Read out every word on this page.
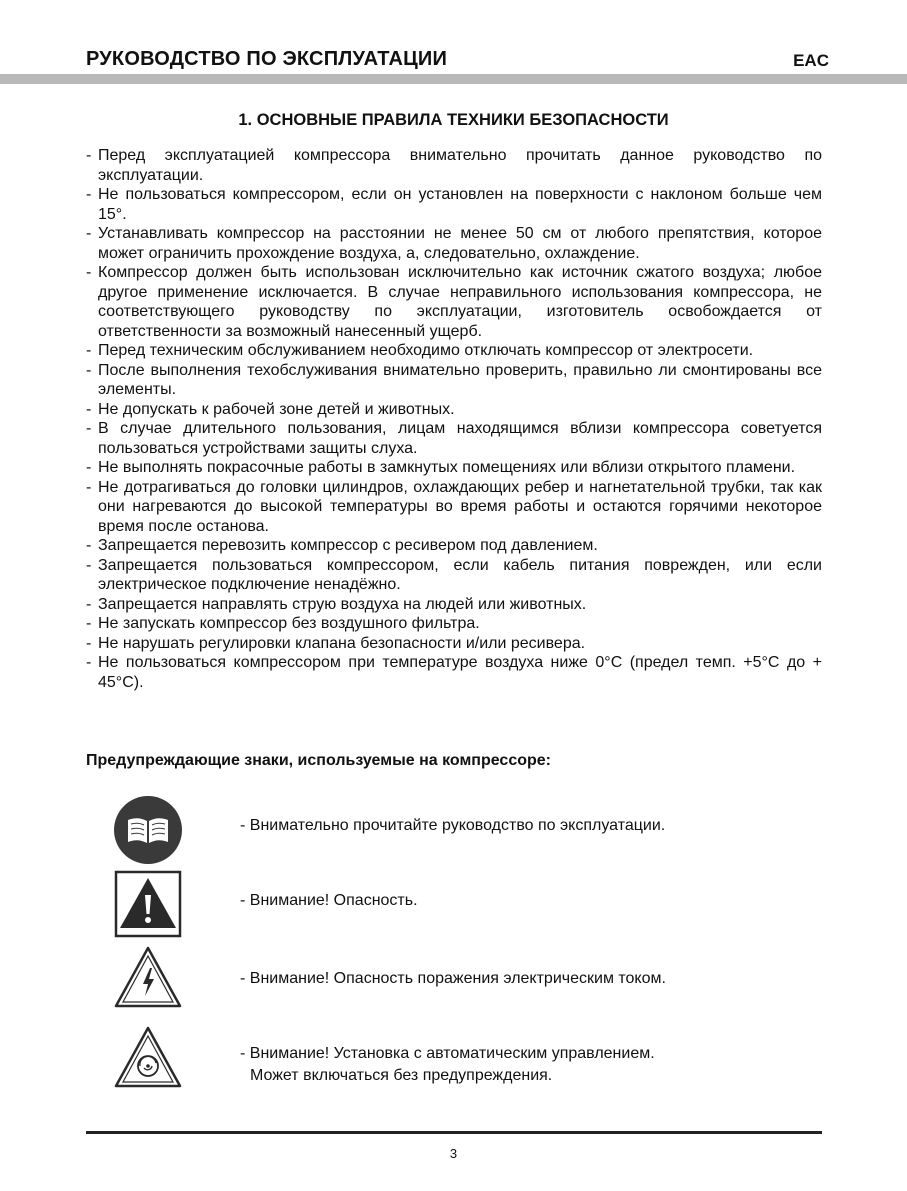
РУКОВОДСТВО ПО ЭКСПЛУАТАЦИИ	EAC
1. ОСНОВНЫЕ ПРАВИЛА ТЕХНИКИ БЕЗОПАСНОСТИ
- Перед эксплуатацией компрессора внимательно прочитать данное руководство по эксплуатации.
- Не пользоваться компрессором, если он установлен на поверхности с наклоном больше чем 15°.
- Устанавливать компрессор на расстоянии не менее 50 см от любого препятствия, которое может ограничить прохождение воздуха, а, следовательно, охлаждение.
- Компрессор должен быть использован исключительно как источник сжатого воздуха; любое другое применение исключается. В случае неправильного использования компрессора, не соответствующего руководству по эксплуатации, изготовитель освобождается от ответственности за возможный нанесенный ущерб.
- Перед техническим обслуживанием необходимо отключать компрессор от электросети.
- После выполнения техобслуживания внимательно проверить, правильно ли смонтированы все элементы.
- Не допускать к рабочей зоне детей и животных.
- В случае длительного пользования, лицам находящимся вблизи компрессора советуется пользоваться устройствами защиты слуха.
- Не выполнять покрасочные работы в замкнутых помещениях или вблизи открытого пламени.
- Не дотрагиваться до головки цилиндров, охлаждающих ребер и нагнетательной трубки, так как они нагреваются до высокой температуры во время работы и остаются горячими некоторое время после останова.
- Запрещается перевозить компрессор с ресивером под давлением.
- Запрещается пользоваться компрессором, если кабель питания поврежден, или если электрическое подключение ненадёжно.
- Запрещается направлять струю воздуха на людей или животных.
- Не запускать компрессор без воздушного фильтра.
- Не нарушать регулировки клапана безопасности и/или ресивера.
- Не пользоваться компрессором при температуре воздуха ниже 0°С (предел темп. +5°С до + 45°С).
Предупреждающие знаки, используемые на компрессоре:
- Внимательно прочитайте руководство по эксплуатации.
- Внимание! Опасность.
- Внимание! Опасность поражения электрическим током.
- Внимание! Установка с автоматическим управлением.
Может включаться без предупреждения.
3
